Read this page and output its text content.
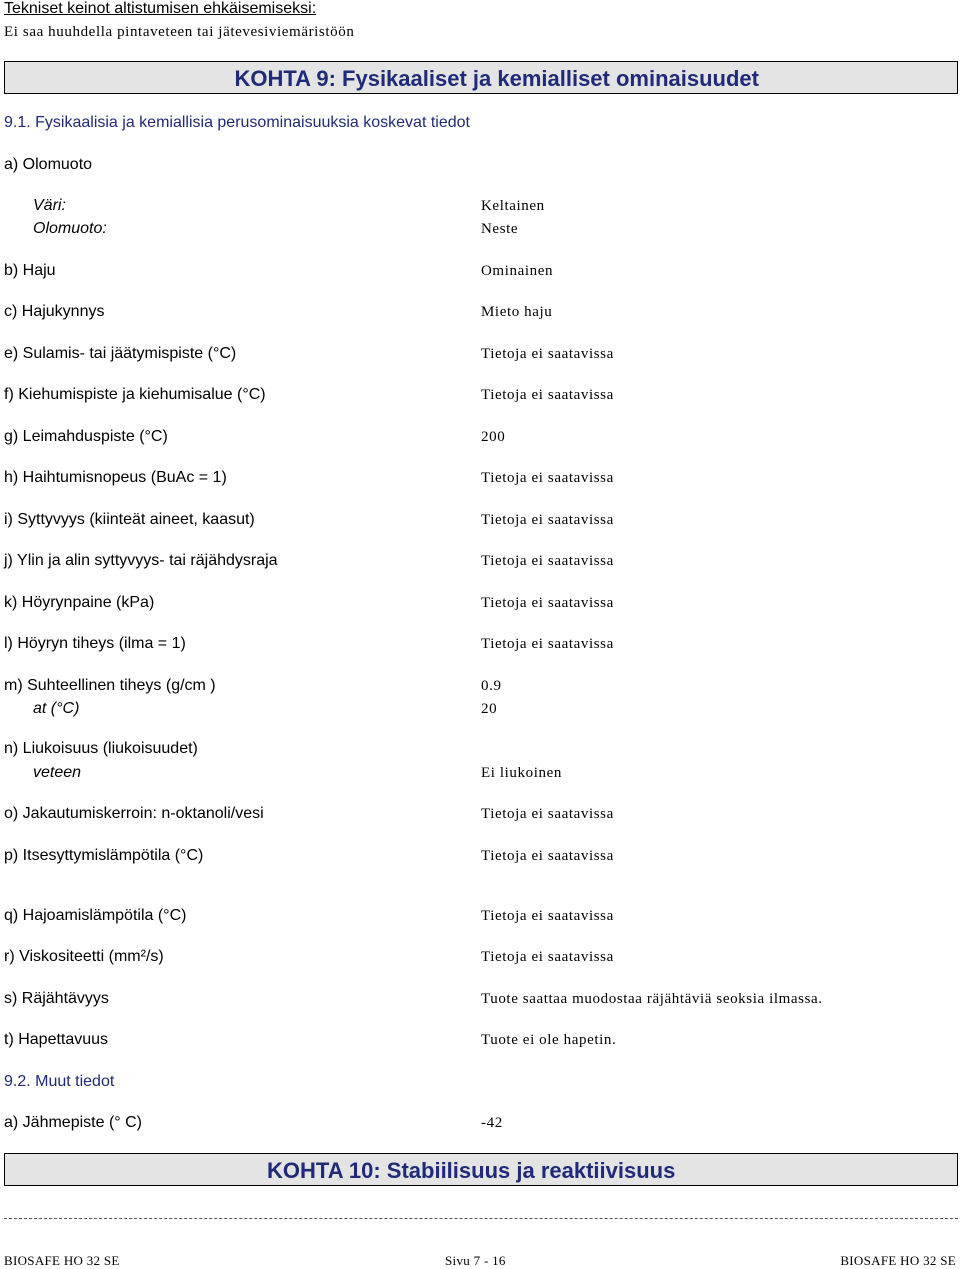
Tekniset keinot altistumisen ehkäisemiseksi:
Ei saa huuhdella pintaveteen tai jätevesiviemäristöön
KOHTA 9: Fysikaaliset ja kemialliset ominaisuudet
9.1. Fysikaalisia ja kemiallisia perusominaisuuksia koskevat tiedot
a) Olomuoto
Väri:	Keltainen
Olomuoto:	Neste
b) Haju	Ominainen
c) Hajukynnys	Mieto haju
e) Sulamis- tai jäätymispiste (°C)	Tietoja ei saatavissa
f) Kiehumispiste ja kiehumisalue (°C)	Tietoja ei saatavissa
g) Leimahduspiste (°C)	200
h) Haihtumisnopeus (BuAc = 1)	Tietoja ei saatavissa
i) Syttyvyys (kiinteät aineet, kaasut)	Tietoja ei saatavissa
j) Ylin ja alin syttyvyys- tai räjähdysraja	Tietoja ei saatavissa
k) Höyrynpaine (kPa)	Tietoja ei saatavissa
l) Höyryn tiheys (ilma = 1)	Tietoja ei saatavissa
m) Suhteellinen tiheys (g/cm )	0.9
at (°C)	20
n) Liukoisuus (liukoisuudet)
veteen	Ei liukoinen
o) Jakautumiskerroin: n-oktanoli/vesi	Tietoja ei saatavissa
p) Itsesyttymislämpötila (°C)	Tietoja ei saatavissa
q) Hajoamislämpötila (°C)	Tietoja ei saatavissa
r) Viskositeetti (mm²/s)	Tietoja ei saatavissa
s) Räjähtävyys	Tuote saattaa muodostaa räjähtäviä seoksia ilmassa.
t) Hapettavuus	Tuote ei ole hapetin.
9.2. Muut tiedot
a) Jähmepiste (° C)	-42
KOHTA 10: Stabiilisuus ja reaktiivisuus
BIOSAFE HO 32 SE	Sivu 7 - 16	BIOSAFE HO 32 SE
